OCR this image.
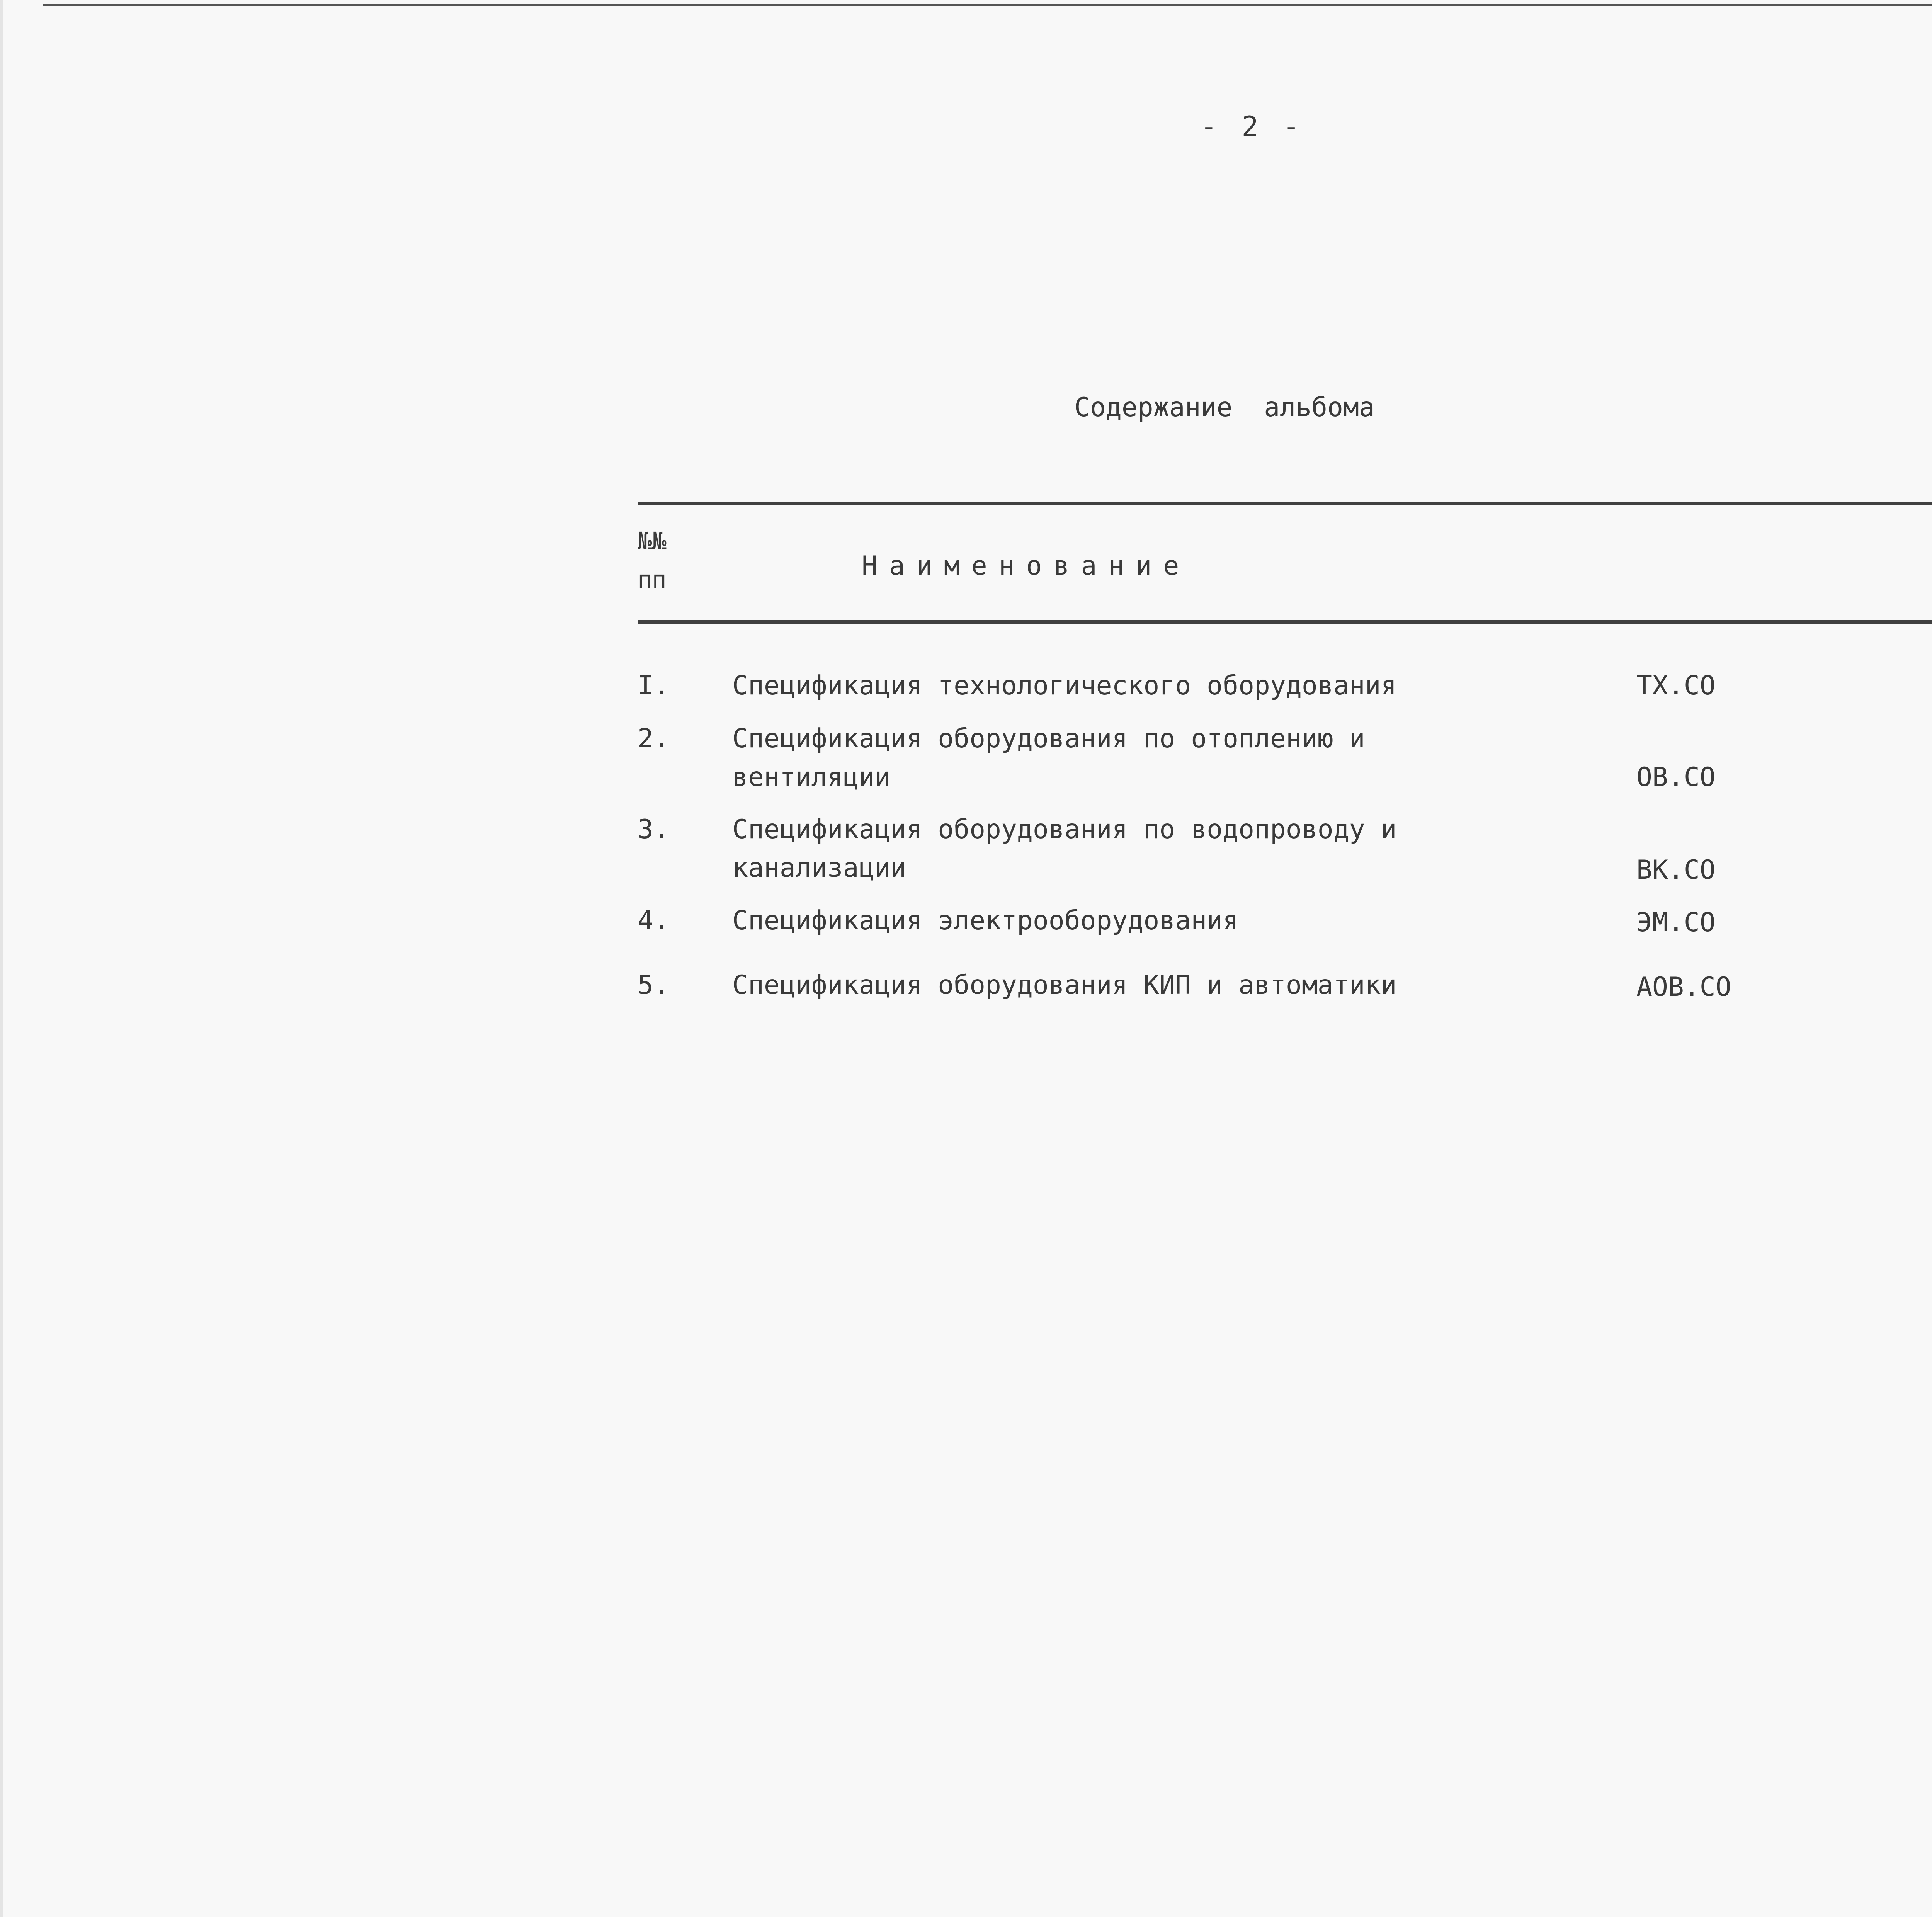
- 2 -
Содержание  альбома
№№
пп	Наименование
I. Спецификация технологического оборудования	ТХ.СО
2. Спецификация оборудования по отоплению и
вентиляции	ОВ.СО
3. Спецификация оборудования по водопроводу и
канализации	ВК.СО
4. Спецификация электрооборудования	ЭМ.СО
5. Спецификация оборудования КИП и автоматики	АОВ.СО
